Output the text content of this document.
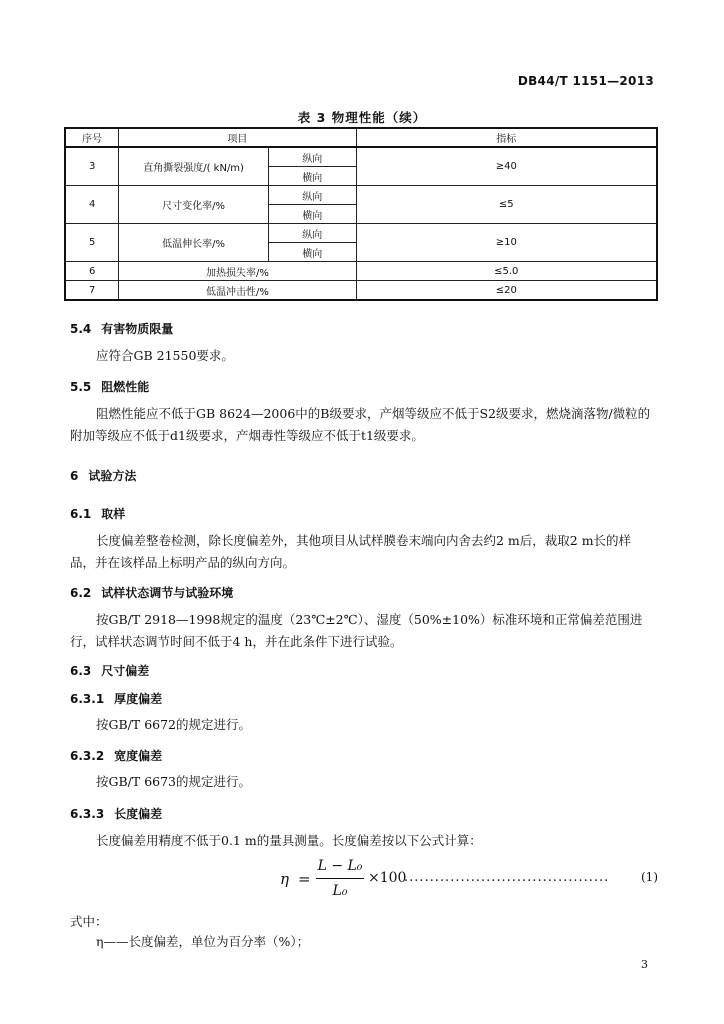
DB44/T 1151—2013
表 3 物理性能（续）
序号	项目		指标
3	直角撕裂强度/( kN/m)	纵向	≥40
		横向	
4	尺寸变化率/%	纵向	≤5
		横向	
5	低温伸长率/%	纵向	≥10
		横向	
6	加热损失率/%		≤5.0
7	低温冲击性/%		≤20
5.4 有害物质限量
应符合GB 21550要求。
5.5 阻燃性能
阻燃性能应不低于GB 8624—2006中的B级要求，产烟等级应不低于S2级要求，燃烧滴落物/微粒的附加等级应不低于d1级要求，产烟毒性等级应不低于t1级要求。
6 试验方法
6.1 取样
长度偏差整卷检测，除长度偏差外，其他项目从试样膜卷末端向内舍去约2 m后，裁取2 m长的样品，并在该样品上标明产品的纵向方向。
6.2 试样状态调节与试验环境
按GB/T 2918—1998规定的温度（23℃±2℃）、湿度（50%±10%）标准环境和正常偏差范围进行，试样状态调节时间不低于4 h，并在此条件下进行试验。
6.3 尺寸偏差
6.3.1 厚度偏差
按GB/T 6672的规定进行。
6.3.2 宽度偏差
按GB/T 6673的规定进行。
6.3.3 长度偏差
长度偏差用精度不低于0.1 m的量具测量。长度偏差按以下公式计算：
η =
L − L₀
L₀
×100
........................................	(1)
式中：
η——长度偏差，单位为百分率（%）；
3
